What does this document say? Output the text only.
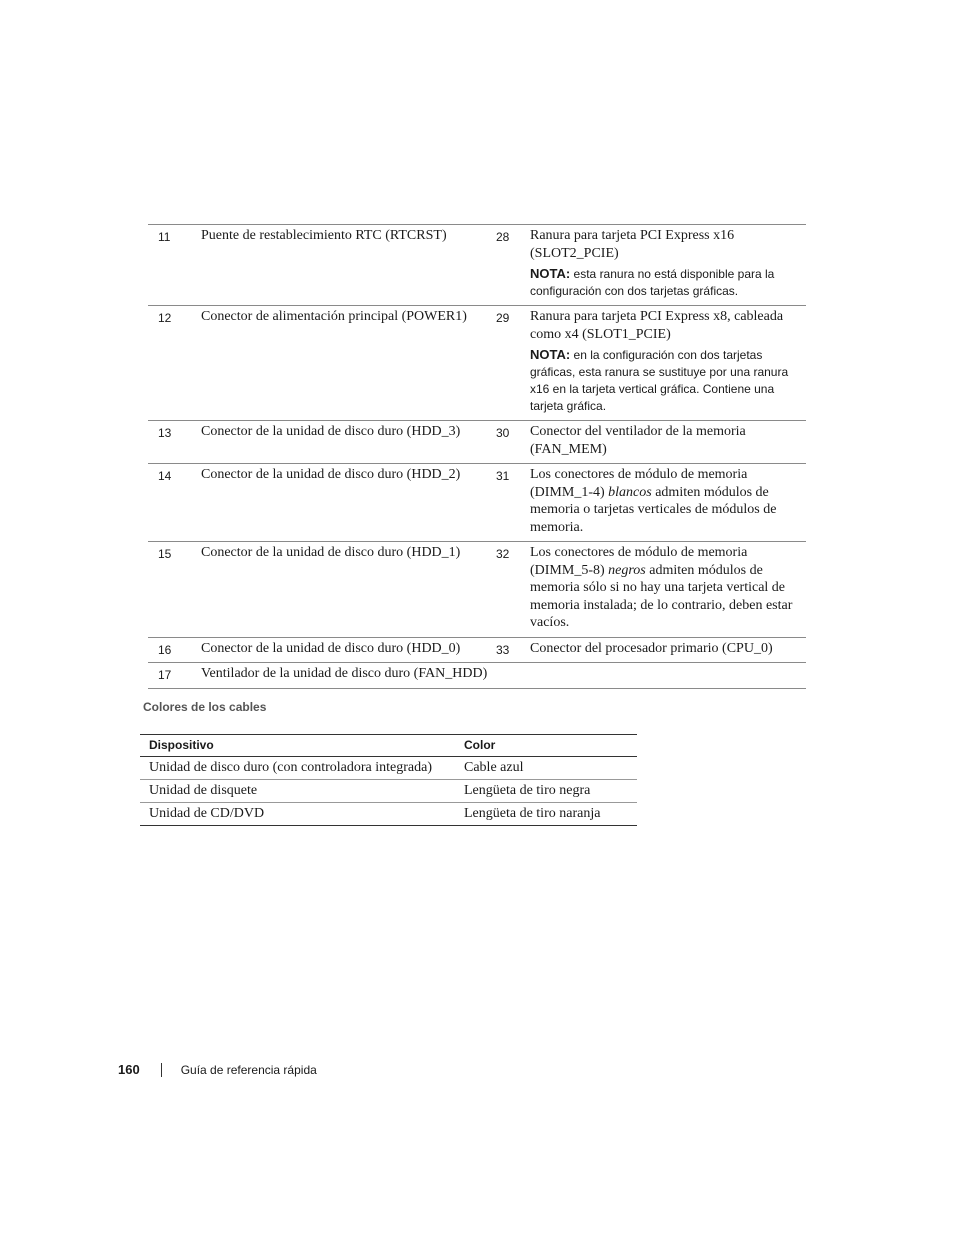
11	Puente de restablecimiento RTC (RTCRST)	28	Ranura para tarjeta PCI Express x16 (SLOT2_PCIE)
NOTA: esta ranura no está disponible para la configuración con dos tarjetas gráficas.

12	Conector de alimentación principal (POWER1)	29	Ranura para tarjeta PCI Express x8, cableada como x4 (SLOT1_PCIE)
NOTA: en la configuración con dos tarjetas gráficas, esta ranura se sustituye por una ranura x16 en la tarjeta vertical gráfica. Contiene una tarjeta gráfica.

13	Conector de la unidad de disco duro (HDD_3)	30	Conector del ventilador de la memoria (FAN_MEM)
14	Conector de la unidad de disco duro (HDD_2)	31	Los conectores de módulo de memoria (DIMM_1-4) blancos admiten módulos de memoria o tarjetas verticales de módulos de memoria.
15	Conector de la unidad de disco duro (HDD_1)	32	Los conectores de módulo de memoria (DIMM_5-8) negros admiten módulos de memoria sólo si no hay una tarjeta vertical de memoria instalada; de lo contrario, deben estar vacíos.
16	Conector de la unidad de disco duro (HDD_0)	33	Conector del procesador primario (CPU_0)
17	Ventilador de la unidad de disco duro (FAN_HDD)		
Colores de los cables
Dispositivo	Color
Unidad de disco duro (con controladora integrada)	Cable azul
Unidad de disquete	Lengüeta de tiro negra
Unidad de CD/DVD	Lengüeta de tiro naranja
160	Guía de referencia rápida
